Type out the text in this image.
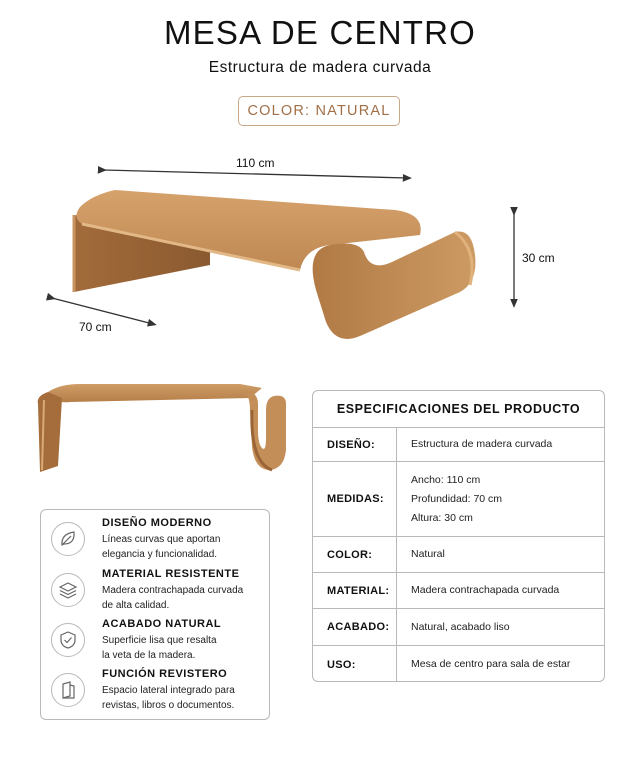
MESA DE CENTRO
Estructura de madera curvada
COLOR: NATURAL
110 cm
70 cm
30 cm
ESPECIFICACIONES DEL PRODUCTO
DISEÑO:	Estructura de madera curvada
MEDIDAS:
Ancho: 110 cm
Profundidad: 70 cm
Altura: 30 cm
COLOR:	Natural
MATERIAL:	Madera contrachapada curvada
ACABADO:	Natural, acabado liso
USO:	Mesa de centro para sala de estar
DISEÑO MODERNO
Líneas curvas que aportan
elegancia y funcionalidad.
MATERIAL RESISTENTE
Madera contrachapada curvada
de alta calidad.
ACABADO NATURAL
Superficie lisa que resalta
la veta de la madera.
FUNCIÓN REVISTERO
Espacio lateral integrado para
revistas, libros o documentos.
